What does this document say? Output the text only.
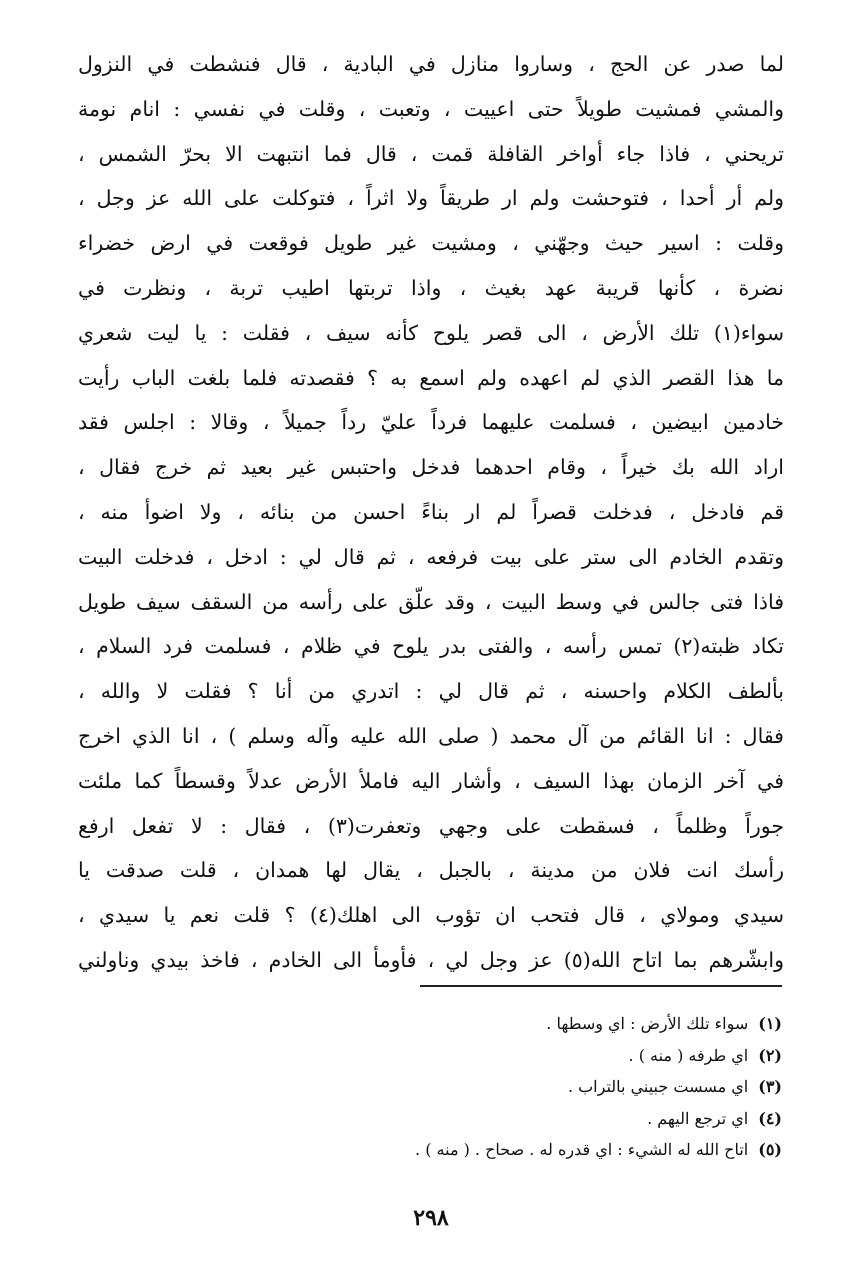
لما صدر عن الحج ، وساروا منازل في البادية ، قال فنشطت في النزول
والمشي فمشيت طويلاً حتى اعييت ، وتعبت ، وقلت في نفسي : انام نومة
تريحني ، فاذا جاء أواخر القافلة قمت ، قال فما انتبهت الا بحرّ الشمس ،
ولم أر أحدا ، فتوحشت ولم ار طريقاً ولا اثراً ، فتوكلت على الله عز وجل ،
وقلت : اسير حيث وجهّني ، ومشيت غير طويل فوقعت في ارض خضراء
نضرة ، كأنها قريبة عهد بغيث ، واذا تربتها اطيب تربة ، ونظرت في
سواء(١) تلك الأرض ، الى قصر يلوح كأنه سيف ، فقلت : يا ليت شعري
ما هذا القصر الذي لم اعهده ولم اسمع به ؟ فقصدته فلما بلغت الباب رأيت
خادمين ابيضين ، فسلمت عليهما فرداً عليّ رداً جميلاً ، وقالا : اجلس فقد
اراد الله بك خيراً ، وقام احدهما فدخل واحتبس غير بعيد ثم خرج فقال ،
قم فادخل ، فدخلت قصراً لم ار بناءً احسن من بنائه ، ولا اضوأ منه ،
وتقدم الخادم الى ستر على بيت فرفعه ، ثم قال لي : ادخل ، فدخلت البيت
فاذا فتى جالس في وسط البيت ، وقد علّق على رأسه من السقف سيف طويل
تكاد ظبته(٢) تمس رأسه ، والفتى بدر يلوح في ظلام ، فسلمت فرد السلام ،
بألطف الكلام واحسنه ، ثم قال لي : اتدري من أنا ؟ فقلت لا والله ،
فقال : انا القائم من آل محمد ( صلى الله عليه وآله وسلم ) ، انا الذي اخرج
في آخر الزمان بهذا السيف ، وأشار اليه فاملأ الأرض عدلاً وقسطاً كما ملئت
جوراً وظلماً ، فسقطت على وجهي وتعفرت(٣) ، فقال : لا تفعل ارفع
رأسك انت فلان من مدينة ، بالجبل ، يقال لها همدان ، قلت صدقت يا
سيدي ومولاي ، قال فتحب ان تؤوب الى اهلك(٤) ؟ قلت نعم يا سيدي ،
وابشّرهم بما اتاح الله(٥) عز وجل لي ، فأومأ الى الخادم ، فاخذ بيدي وناولني
(١)سواء تلك الأرض : اي وسطها .
(٢)اي طرفه ( منه ) .
(٣)اي مسست جبيني بالتراب .
(٤)اي ترجع اليهم .
(٥)اتاح الله له الشيء : اي قدره له . صحاح . ( منه ) .
٢٩٨
